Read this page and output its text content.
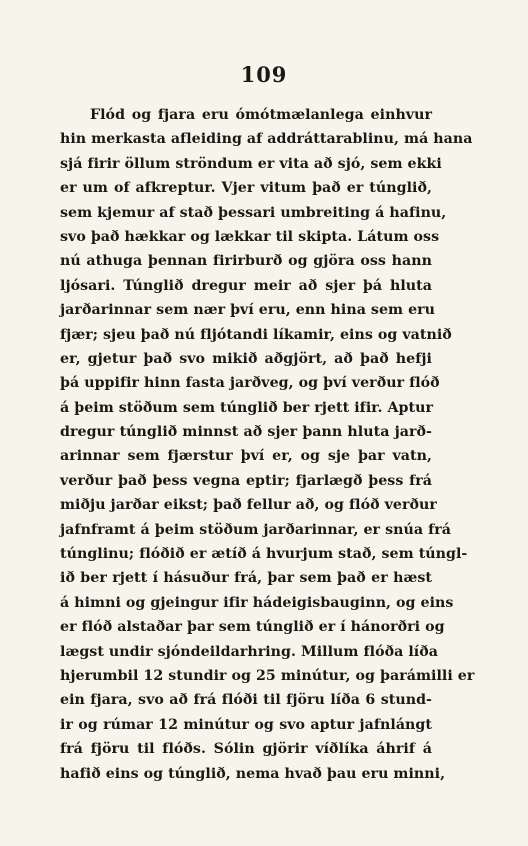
109
Flód og fjara eru ómótmælanlega einhvur
hin merkasta afleiding af addráttarablinu, má hana
sjá firir öllum ströndum er vita að sjó, sem ekki
er um of afkreptur. Vjer vitum það er túnglið,
sem kjemur af stað þessari umbreiting á hafinu,
svo það hækkar og lækkar til skipta. Látum oss
nú athuga þennan firirburð og gjöra oss hann
ljósari. Túnglið dregur meir að sjer þá hluta
jarðarinnar sem nær því eru, enn hina sem eru
fjær; sjeu það nú fljótandi líkamir, eins og vatnið
er, gjetur það svo mikið aðgjört, að það hefji
þá uppifir hinn fasta jarðveg, og því verður flóð
á þeim stöðum sem túnglið ber rjett ifir. Aptur
dregur túnglið minnst að sjer þann hluta jarð-
arinnar sem fjærstur því er, og sje þar vatn,
verður það þess vegna eptir; fjarlægð þess frá
miðju jarðar eikst; það fellur að, og flóð verður
jafnframt á þeim stöðum jarðarinnar, er snúa frá
túnglinu; flóðið er ætíð á hvurjum stað, sem túngl-
ið ber rjett í hásuður frá, þar sem það er hæst
á himni og gjeingur ifir hádeigisbauginn, og eins
er flóð alstaðar þar sem túnglið er í hánorðri og
lægst undir sjóndeildarhring. Millum flóða líða
hjerumbil 12 stundir og 25 minútur, og þarámilli er
ein fjara, svo að frá flóði til fjöru líða 6 stund-
ir og rúmar 12 minútur og svo aptur jafnlángt
frá fjöru til flóðs. Sólin gjörir víðlíka áhrif á
hafið eins og túnglið, nema hvað þau eru minni,
